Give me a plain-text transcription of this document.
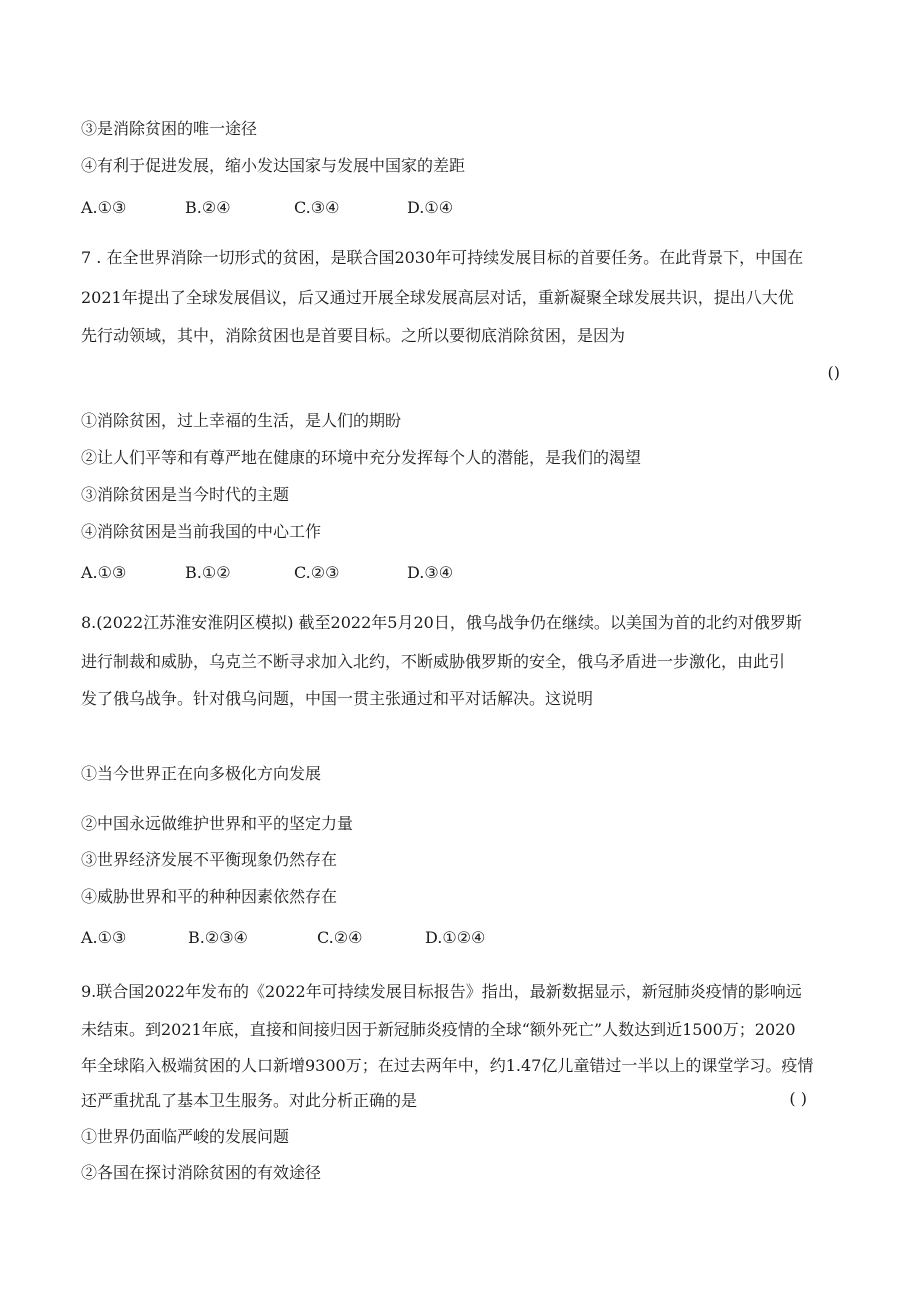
③是消除贫困的唯一途径
④有利于促进发展，缩小发达国家与发展中国家的差距
A.①③	B.②④	C.③④	D.①④
7 . 在全世界消除一切形式的贫困，是联合国2030年可持续发展目标的首要任务。在此背景下，中国在
2021年提出了全球发展倡议，后又通过开展全球发展高层对话，重新凝聚全球发展共识，提出八大优
先行动领域，其中，消除贫困也是首要目标。之所以要彻底消除贫困，是因为
()
①消除贫困，过上幸福的生活，是人们的期盼
②让人们平等和有尊严地在健康的环境中充分发挥每个人的潜能，是我们的渴望
③消除贫困是当今时代的主题
④消除贫困是当前我国的中心工作
A.①③	B.①②	C.②③	D.③④
8.(2022江苏淮安淮阴区模拟) 截至2022年5月20日，俄乌战争仍在继续。以美国为首的北约对俄罗斯
进行制裁和威胁，乌克兰不断寻求加入北约，不断威胁俄罗斯的安全，俄乌矛盾进一步激化，由此引
发了俄乌战争。针对俄乌问题，中国一贯主张通过和平对话解决。这说明
①当今世界正在向多极化方向发展
②中国永远做维护世界和平的坚定力量
③世界经济发展不平衡现象仍然存在
④威胁世界和平的种种因素依然存在
A.①③	B.②③④	C.②④	D.①②④
9.联合国2022年发布的《2022年可持续发展目标报告》指出，最新数据显示，新冠肺炎疫情的影响远
未结束。到2021年底，直接和间接归因于新冠肺炎疫情的全球“额外死亡”人数达到近1500万；2020
年全球陷入极端贫困的人口新增9300万；在过去两年中，约1.47亿儿童错过一半以上的课堂学习。疫情
还严重扰乱了基本卫生服务。对此分析正确的是	( )
①世界仍面临严峻的发展问题
②各国在探讨消除贫困的有效途径
